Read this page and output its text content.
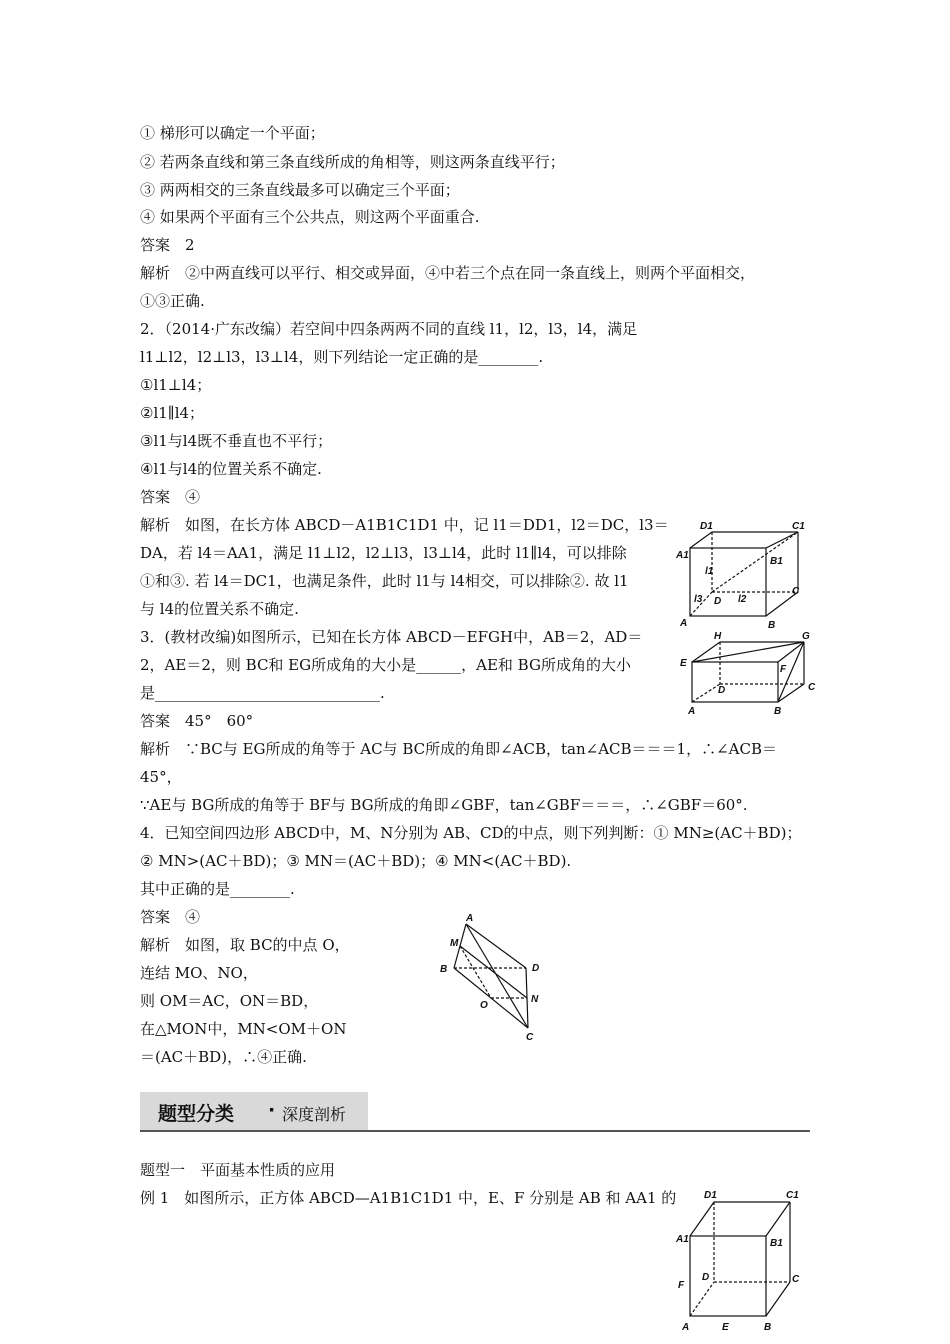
① 梯形可以确定一个平面；
② 若两条直线和第三条直线所成的角相等，则这两条直线平行；
③ 两两相交的三条直线最多可以确定三个平面；
④ 如果两个平面有三个公共点，则这两个平面重合.
答案　2
解析　②中两直线可以平行、相交或异面，④中若三个点在同一条直线上，则两个平面相交，
①③正确.
2．（2014·广东改编）若空间中四条两两不同的直线 l1，l2，l3，l4，满足
l1⊥l2，l2⊥l3，l3⊥l4，则下列结论一定正确的是________.
①l1⊥l4；
②l1∥l4；
③l1与l4既不垂直也不平行；
④l1与l4的位置关系不确定.
答案　④
解析　如图，在长方体 ABCD－A1B1C1D1 中，记 l1＝DD1，l2＝DC，l3＝
DA，若 l4＝AA1，满足 l1⊥l2，l2⊥l3，l3⊥l4，此时 l1∥l4，可以排除
①和③. 若 l4＝DC1，也满足条件，此时 l1与 l4相交，可以排除②. 故 l1
与 l4的位置关系不确定.
D1	C1
A1
B1
l1
l3	l2
D
C
A	B
3．(教材改编)如图所示，已知在长方体 ABCD－EFGH中，AB＝2，AD＝
2，AE＝2，则 BC和 EG所成角的大小是______，AE和 BG所成角的大小
是______________________________.
答案　45°　60°
解析　∵BC与 EG所成的角等于 AC与 BC所成的角即∠ACB，tan∠ACB＝＝＝1，∴∠ACB＝
45°，
∵AE与 BG所成的角等于 BF与 BG所成的角即∠GBF，tan∠GBF＝＝＝，∴∠GBF＝60°.
H	G
E
F
D	C
A	B
4．已知空间四边形 ABCD中，M、N分别为 AB、CD的中点，则下列判断：① MN≥(AC＋BD)；
② MN>(AC＋BD)；③ MN＝(AC＋BD)；④ MN<(AC＋BD).
其中正确的是________.
答案　④
解析　如图，取 BC的中点 O，
连结 MO、NO，
则 OM＝AC，ON＝BD，
在△MON中，MN<OM＋ON
＝(AC＋BD)，∴④正确.
A
M
B	D
N
O
C
题型分类 · 深度剖析
题型一　平面基本性质的应用
例 1　如图所示，正方体 ABCD—A1B1C1D1 中，E、F 分别是 AB 和 AA1 的	D1	C1
A1	B1
F
D	C
A	E	B
